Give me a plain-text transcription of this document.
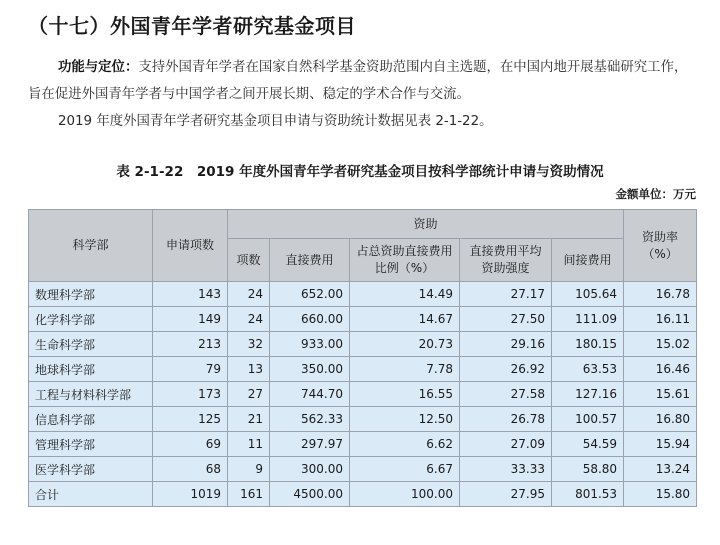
（十七）外国青年学者研究基金项目
功能与定位：支持外国青年学者在国家自然科学基金资助范围内自主选题，在中国内地开展基础研究工作，旨在促进外国青年学者与中国学者之间开展长期、稳定的学术合作与交流。
2019 年度外国青年学者研究基金项目申请与资助统计数据见表 2-1-22。
表 2-1-22　2019 年度外国青年学者研究基金项目按科学部统计申请与资助情况
金额单位：万元
科学部	申请项数	资助					资助率（%）
		项数	直接费用	占总资助直接费用比例（%）	直接费用平均资助强度	间接费用	
数理科学部	143	24	652.00	14.49	27.17	105.64	16.78
化学科学部	149	24	660.00	14.67	27.50	111.09	16.11
生命科学部	213	32	933.00	20.73	29.16	180.15	15.02
地球科学部	79	13	350.00	7.78	26.92	63.53	16.46
工程与材料科学部	173	27	744.70	16.55	27.58	127.16	15.61
信息科学部	125	21	562.33	12.50	26.78	100.57	16.80
管理科学部	69	11	297.97	6.62	27.09	54.59	15.94
医学科学部	68	9	300.00	6.67	33.33	58.80	13.24
合计	1019	161	4500.00	100.00	27.95	801.53	15.80
